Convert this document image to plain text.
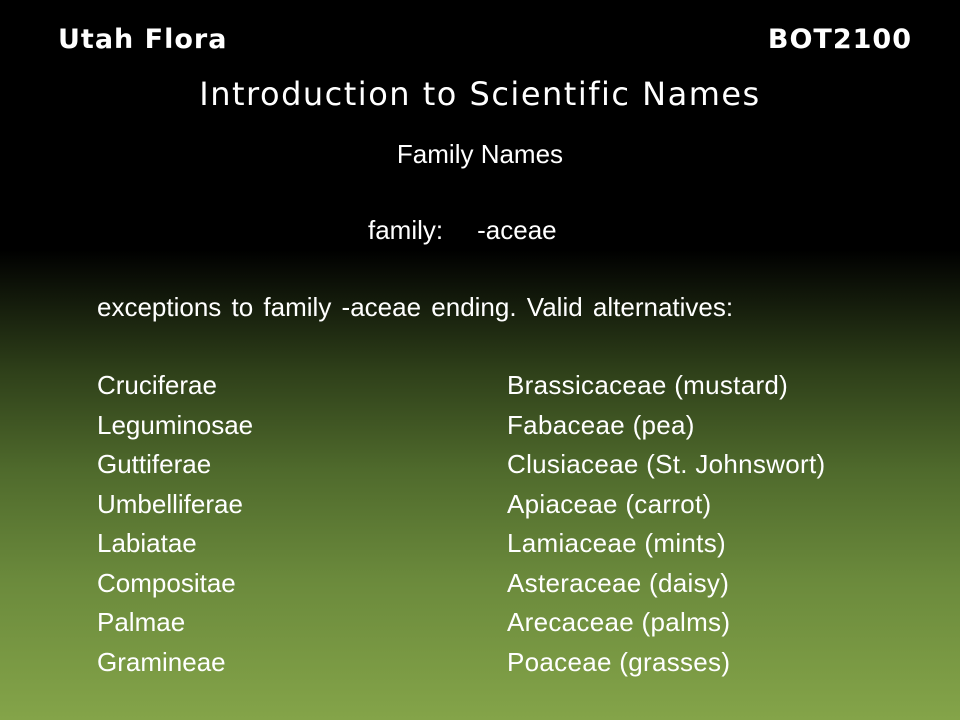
Utah Flora	BOT2100
Introduction to Scientific Names
Family Names
family: -aceae
exceptions to family -aceae ending. Valid alternatives:
Cruciferae	Brassicaceae (mustard)
Leguminosae	Fabaceae (pea)
Guttiferae	Clusiaceae (St. Johnswort)
Umbelliferae	Apiaceae (carrot)
Labiatae	Lamiaceae (mints)
Compositae	Asteraceae (daisy)
Palmae	Arecaceae (palms)
Gramineae	Poaceae (grasses)
